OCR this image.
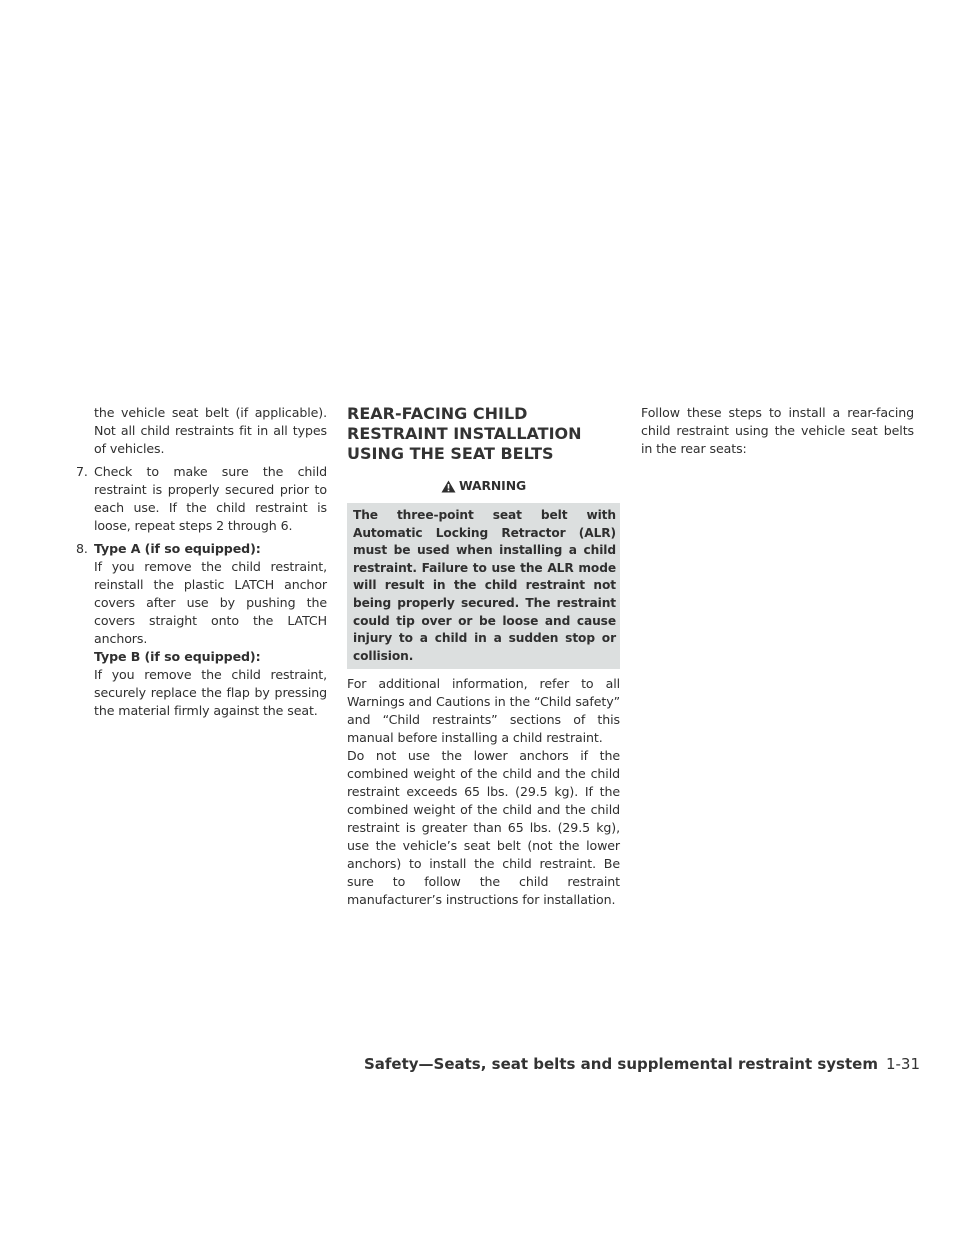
the vehicle seat belt (if applicable). Not all child restraints fit in all types of vehicles.

7. Check to make sure the child restraint is properly secured prior to each use. If the child restraint is loose, repeat steps 2 through 6.

8. Type A (if so equipped):

If you remove the child restraint, reinstall the plastic LATCH anchor covers after use by pushing the covers straight onto the LATCH anchors.

Type B (if so equipped):

If you remove the child restraint, securely replace the flap by pressing the material firmly against the seat.

REAR-FACING CHILD RESTRAINT INSTALLATION USING THE SEAT BELTS
WARNING

The three-point seat belt with Automatic Locking Retractor (ALR) must be used when installing a child restraint. Failure to use the ALR mode will result in the child restraint not being properly secured. The restraint could tip over or be loose and cause injury to a child in a sudden stop or collision.

For additional information, refer to all Warnings and Cautions in the “Child safety” and “Child restraints” sections of this manual before installing a child restraint.

Do not use the lower anchors if the combined weight of the child and the child restraint exceeds 65 lbs. (29.5 kg). If the combined weight of the child and the child restraint is greater than 65 lbs. (29.5 kg), use the vehicle’s seat belt (not the lower anchors) to install the child restraint. Be sure to follow the child restraint manufacturer’s instructions for installation.

Follow these steps to install a rear-facing child restraint using the vehicle seat belts in the rear seats:

Safety—Seats, seat belts and supplemental restraint system 1-31
